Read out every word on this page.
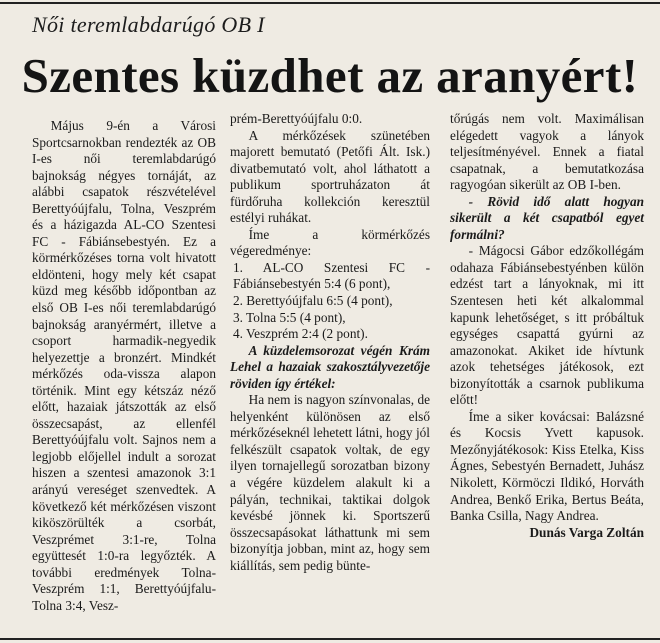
Női teremlabdarúgó OB I
Szentes küzdhet az aranyért!

Május 9-én a Városi Sportcsarnokban rendezték az OB I-es női teremlabdarúgó bajnokság négyes tornáját, az alábbi csapatok részvételével Berettyóújfalu, Tolna, Veszprém és a házigazda AL-CO Szentesi FC - Fábiánsebestyén. Ez a körmérkőzéses torna volt hivatott eldönteni, hogy mely két csapat küzd meg később időpontban az első OB I-es női teremlabdarúgó bajnokság aranyérmért, illetve a csoport harmadik-negyedik helyezettje a bronzért. Mindkét mérkőzés oda-vissza alapon történik. Mint egy kétszáz néző előtt, hazaiak játszották az első összecsapást, az ellenfél Berettyóújfalu volt. Sajnos nem a legjobb előjellel indult a sorozat hiszen a szentesi amazonok 3:1 arányú vereséget szenvedtek. A következő két mérkőzésen viszont kiköszörülték a csorbát, Veszprémet 3:1-re, Tolna együttesét 1:0-ra legyőzték. A további eredmények Tolna-Veszprém 1:1, Berettyóújfalu-Tolna 3:4, Vesz-

prém-Berettyóújfalu 0:0.

A mérkőzések szünetében majorett bemutató (Petőfi Ált. Isk.) divatbemutató volt, ahol láthatott a publikum sportruházaton át fürdőruha kollekción keresztül estélyi ruhákat.

Íme a körmérkőzés végeredménye:

1. AL-CO Szentesi FC - Fábiánsebestyén 5:4 (6 pont),

2. Berettyóújfalu 6:5 (4 pont),

3. Tolna 5:5 (4 pont),

4. Veszprém 2:4 (2 pont).

A küzdelemsorozat végén Krám Lehel a hazaiak szakosztályvezetője röviden így értékel:

Ha nem is nagyon színvonalas, de helyenként különösen az első mérkőzéseknél lehetett látni, hogy jól felkészült csapatok voltak, de egy ilyen tornajellegű sorozatban bizony a végére küzdelem alakult ki a pályán, technikai, taktikai dolgok kevésbé jönnek ki. Sportszerű összecsapásokat láthattunk mi sem bizonyítja jobban, mint az, hogy sem kiállítás, sem pedig bünte-

tőrúgás nem volt. Maximálisan elégedett vagyok a lányok teljesítményével. Ennek a fiatal csapatnak, a bemutatkozása ragyogóan sikerült az OB I-ben.

- Rövid idő alatt hogyan sikerült a két csapatból egyet formálni?

- Mágocsi Gábor edzőkollégám odahaza Fábiánsebestyénben külön edzést tart a lányoknak, mi itt Szentesen heti két alkalommal kapunk lehetőséget, s itt próbáltuk egységes csapattá gyúrni az amazonokat. Akiket ide hívtunk azok tehetséges játékosok, ezt bizonyították a csarnok publikuma előtt!

Íme a siker kovácsai: Balázsné és Kocsis Yvett kapusok. Mezőnyjátékosok: Kiss Etelka, Kiss Ágnes, Sebestyén Bernadett, Juhász Nikolett, Körmöczi Ildikó, Horváth Andrea, Benkő Erika, Bertus Beáta, Banka Csilla, Nagy Andrea.

Dunás Varga Zoltán
